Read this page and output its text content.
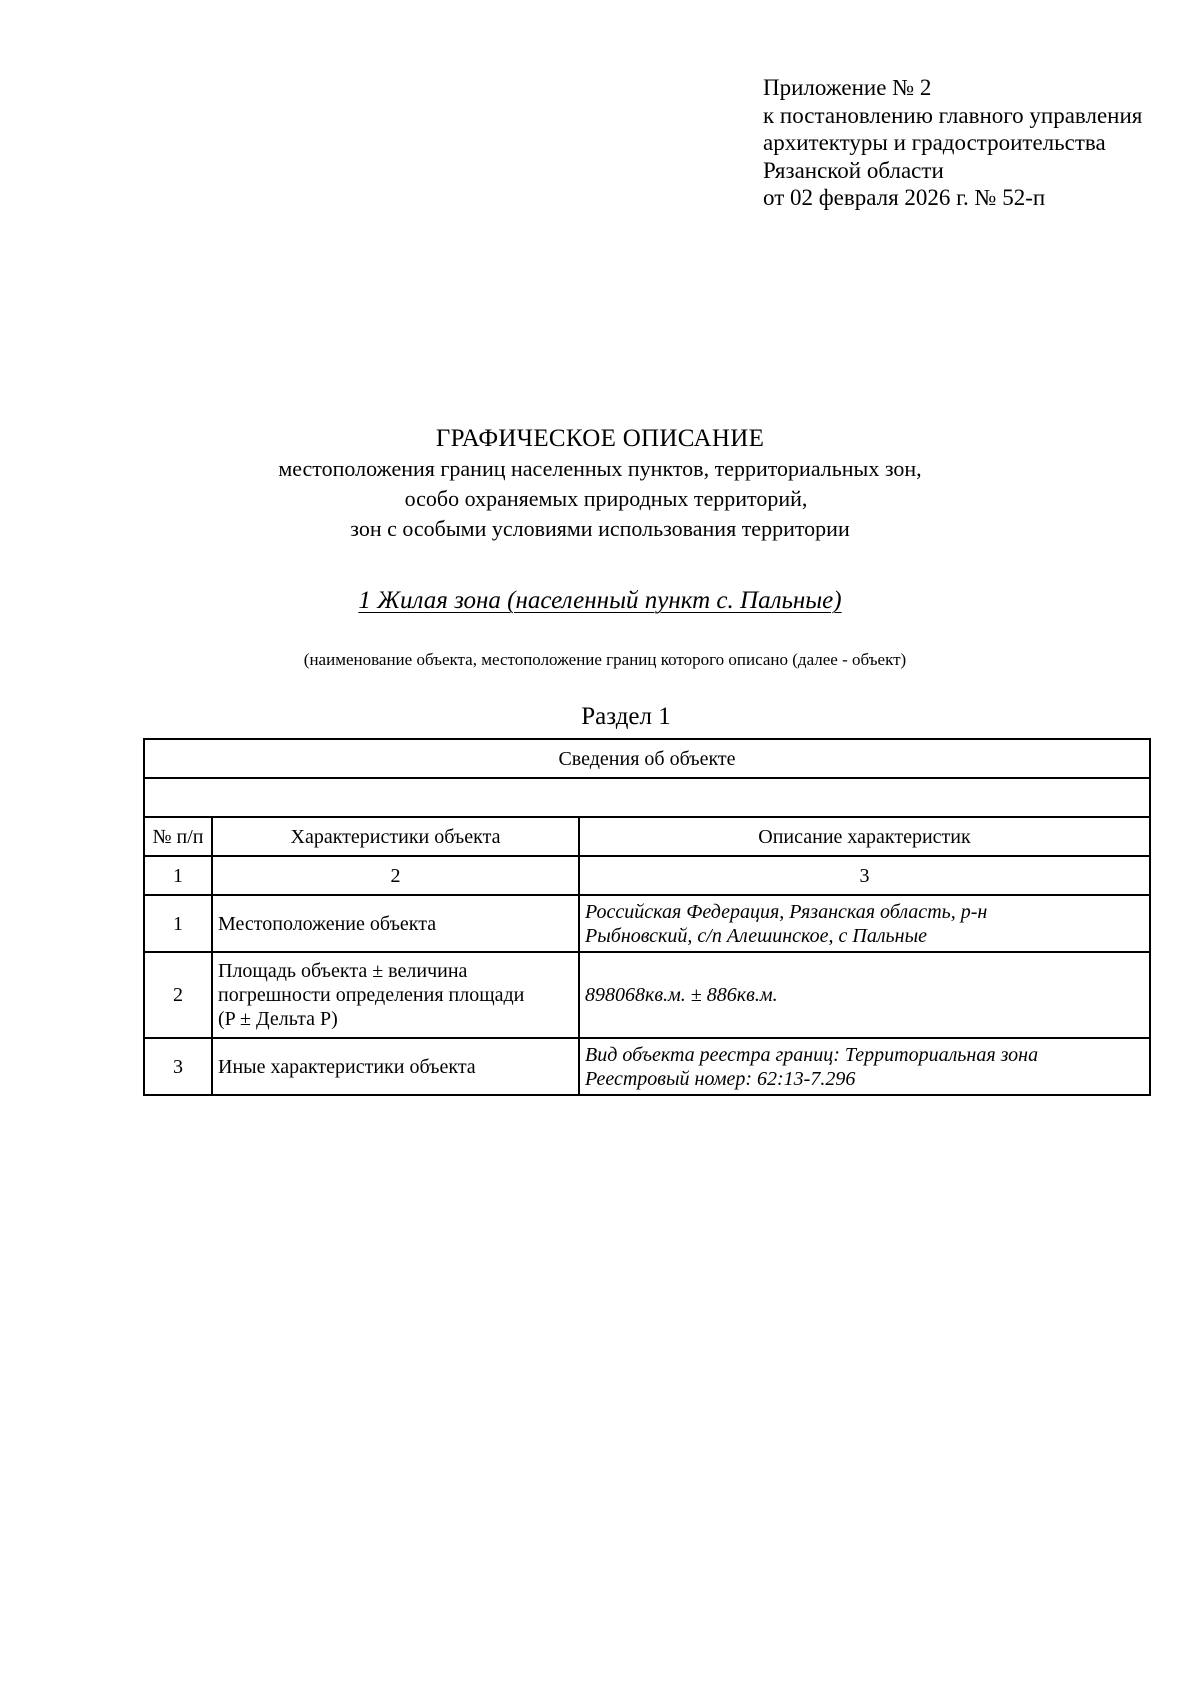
Приложение № 2
к постановлению главного управления
архитектуры и градостроительства
Рязанской области
от 02 февраля 2026 г. № 52-п
ГРАФИЧЕСКОЕ ОПИСАНИЕ
местоположения границ населенных пунктов, территориальных зон,
особо охраняемых природных территорий,
зон с особыми условиями использования территории
1 Жилая зона (населенный пункт с. Пальные)
(наименование объекта, местоположение границ которого описано (далее - объект)
Раздел 1
Сведения об объекте		

№ п/п	Характеристики объекта	Описание характеристик
1	2	3
1	Местоположение объекта	Российская Федерация, Рязанская область, р-н
Рыбновский, с/п Алешинское, с Пальные

2	Площадь объекта ± величина
погрешности определения площади
(P ± Дельта P)	898068кв.м. ± 886кв.м.

3	Иные характеристики объекта	Вид объекта реестра границ: Территориальная зона
Реестровый номер: 62:13-7.296
